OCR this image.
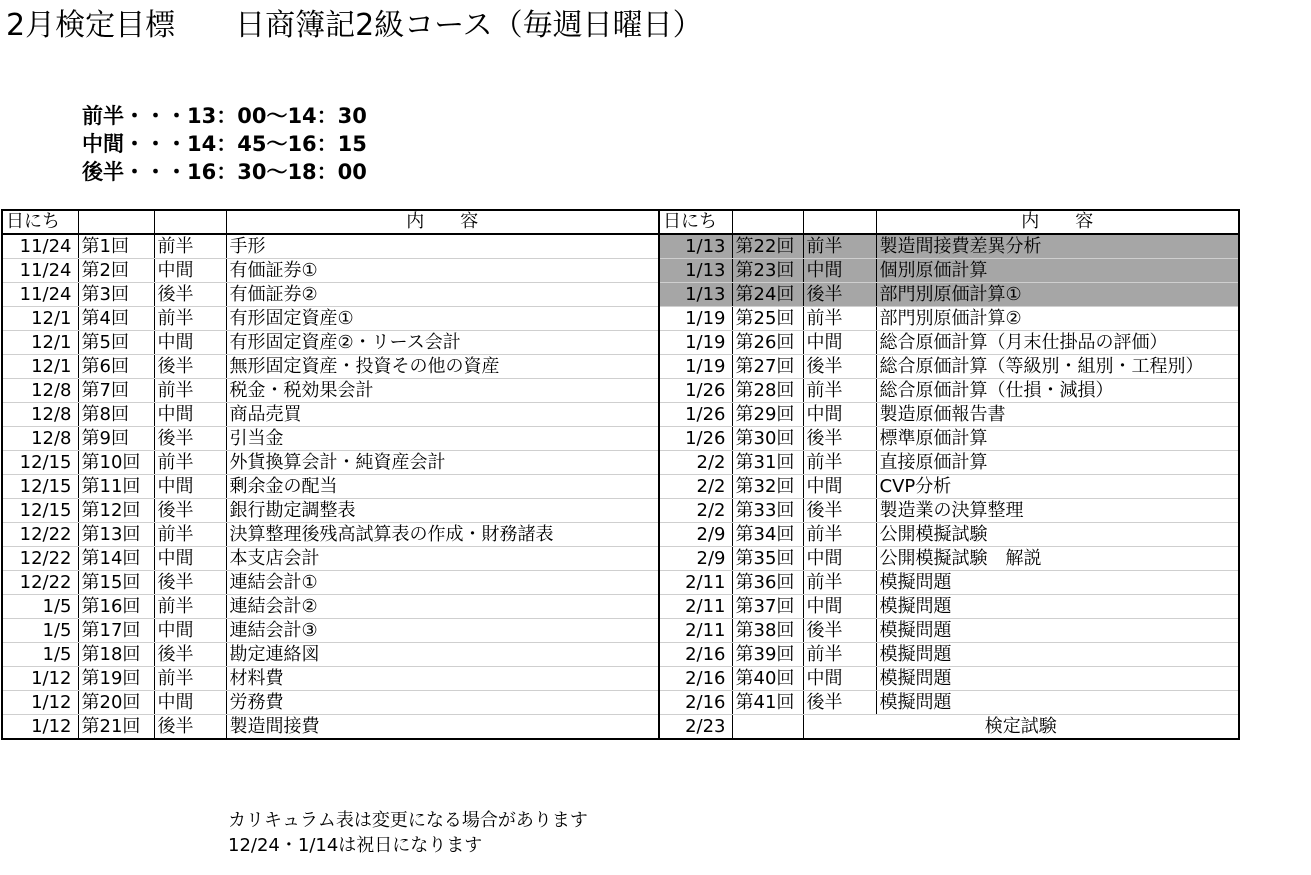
2月検定目標　　日商簿記2級コース（毎週日曜日）
前半・・・13：00～14：30
中間・・・14：45～16：15
後半・・・16：30～18：00
日にち			内　　容	日にち			内　　容
11/24	第1回	前半	手形	1/13	第22回	前半	製造間接費差異分析
11/24	第2回	中間	有価証券①	1/13	第23回	中間	個別原価計算
11/24	第3回	後半	有価証券②	1/13	第24回	後半	部門別原価計算①
12/1	第4回	前半	有形固定資産①	1/19	第25回	前半	部門別原価計算②
12/1	第5回	中間	有形固定資産②・リース会計	1/19	第26回	中間	総合原価計算（月末仕掛品の評価）
12/1	第6回	後半	無形固定資産・投資その他の資産	1/19	第27回	後半	総合原価計算（等級別・組別・工程別）
12/8	第7回	前半	税金・税効果会計	1/26	第28回	前半	総合原価計算（仕損・減損）
12/8	第8回	中間	商品売買	1/26	第29回	中間	製造原価報告書
12/8	第9回	後半	引当金	1/26	第30回	後半	標準原価計算
12/15	第10回	前半	外貨換算会計・純資産会計	2/2	第31回	前半	直接原価計算
12/15	第11回	中間	剰余金の配当	2/2	第32回	中間	CVP分析
12/15	第12回	後半	銀行勘定調整表	2/2	第33回	後半	製造業の決算整理
12/22	第13回	前半	決算整理後残高試算表の作成・財務諸表	2/9	第34回	前半	公開模擬試験
12/22	第14回	中間	本支店会計	2/9	第35回	中間	公開模擬試験　解説
12/22	第15回	後半	連結会計①	2/11	第36回	前半	模擬問題
1/5	第16回	前半	連結会計②	2/11	第37回	中間	模擬問題
1/5	第17回	中間	連結会計③	2/11	第38回	後半	模擬問題
1/5	第18回	後半	勘定連絡図	2/16	第39回	前半	模擬問題
1/12	第19回	前半	材料費	2/16	第40回	中間	模擬問題
1/12	第20回	中間	労務費	2/16	第41回	後半	模擬問題
1/12	第21回	後半	製造間接費	2/23		検定試験	
カリキュラム表は変更になる場合があります
12/24・1/14は祝日になります
